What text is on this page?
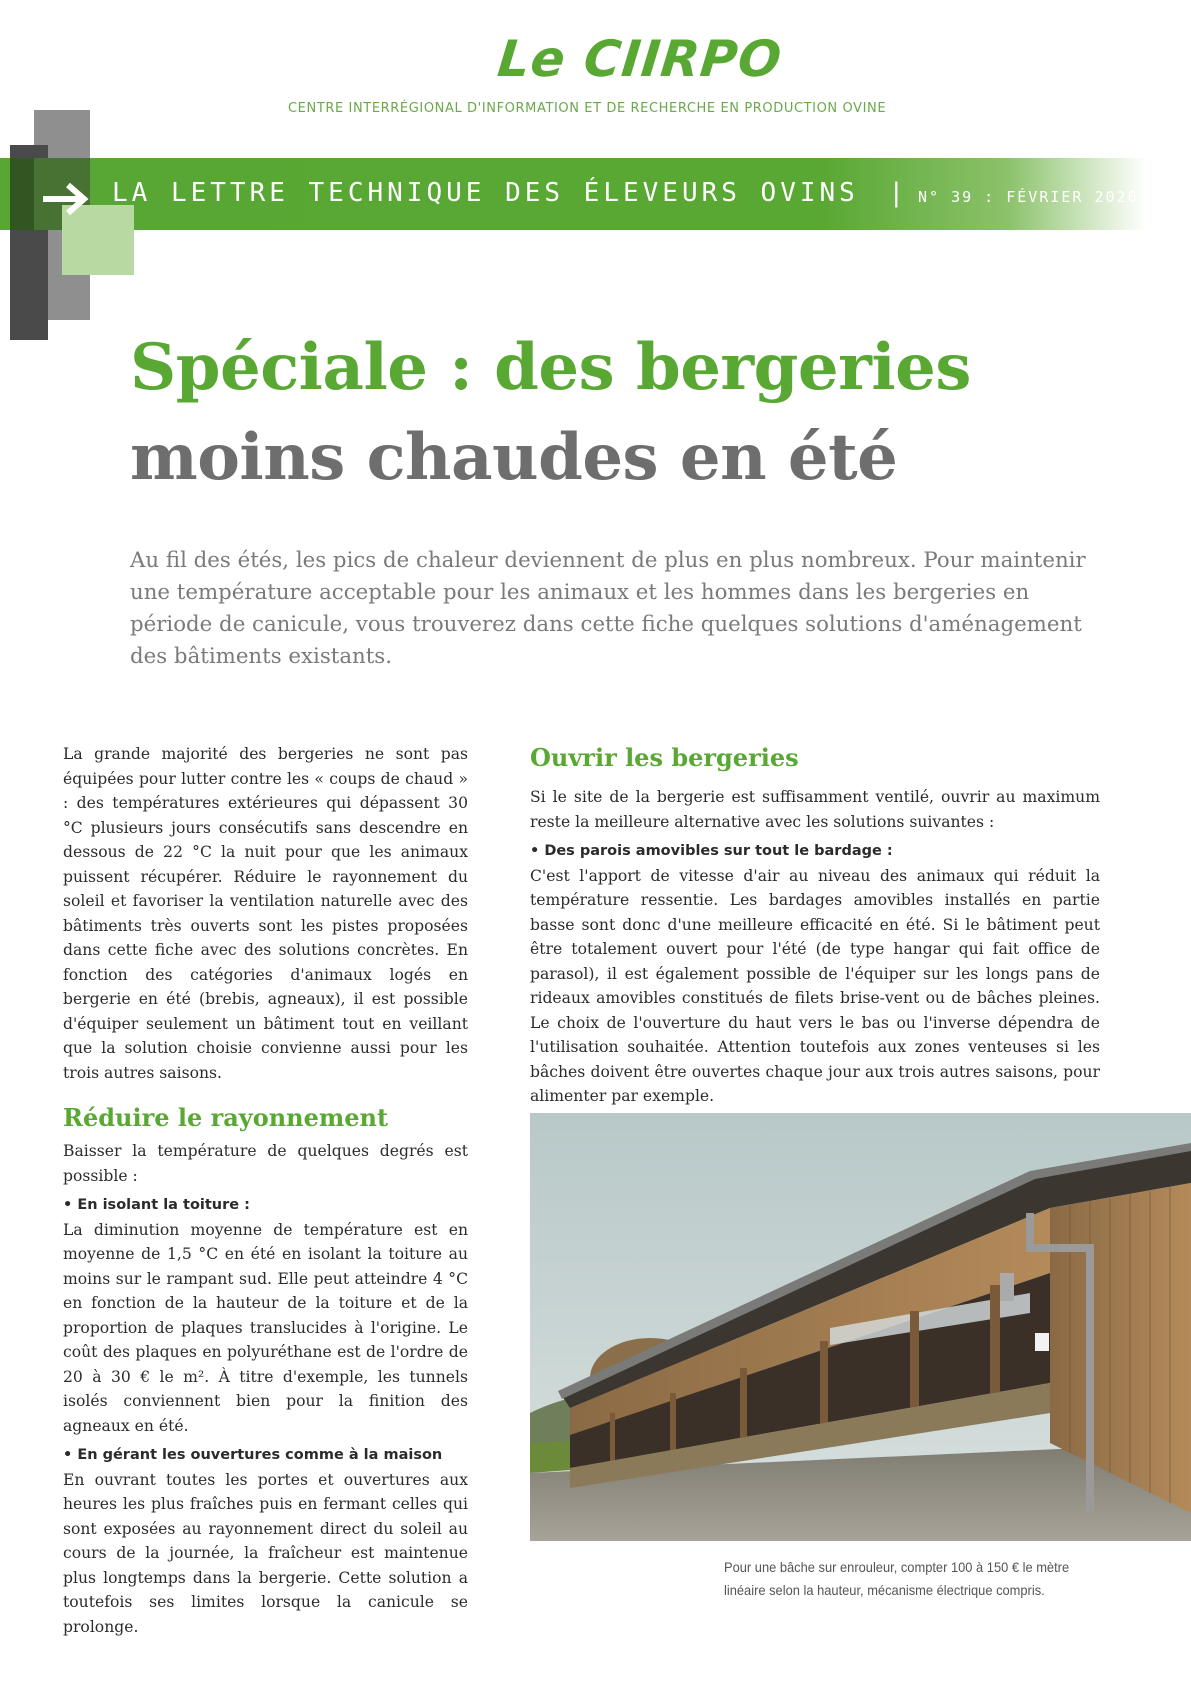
Le CIIRPO
CENTRE INTERRÉGIONAL D'INFORMATION ET DE RECHERCHE EN PRODUCTION OVINE
LA LETTRE TECHNIQUE DES ÉLEVEURS OVINS | N° 39 : FÉVRIER 2020
Spéciale : des bergeries
moins chaudes en été
Au fil des étés, les pics de chaleur deviennent de plus en plus nombreux. Pour maintenir une température acceptable pour les animaux et les hommes dans les bergeries en période de canicule, vous trouverez dans cette fiche quelques solutions d'aménagement des bâtiments existants.

La grande majorité des bergeries ne sont pas équipées pour lutter contre les « coups de chaud » : des températures extérieures qui dépassent 30 °C plusieurs jours consécutifs sans descendre en dessous de 22 °C la nuit pour que les animaux puissent récupérer. Réduire le rayonnement du soleil et favoriser la ventilation naturelle avec des bâtiments très ouverts sont les pistes proposées dans cette fiche avec des solutions concrètes. En fonction des catégories d'animaux logés en bergerie en été (brebis, agneaux), il est possible d'équiper seulement un bâtiment tout en veillant que la solution choisie convienne aussi pour les trois autres saisons.

Réduire le rayonnement

Baisser la température de quelques degrés est possible :

• En isolant la toiture :

La diminution moyenne de température est en moyenne de 1,5 °C en été en isolant la toiture au moins sur le rampant sud. Elle peut atteindre 4 °C en fonction de la hauteur de la toiture et de la proportion de plaques translucides à l'origine. Le coût des plaques en polyuréthane est de l'ordre de 20 à 30 € le m². À titre d'exemple, les tunnels isolés conviennent bien pour la finition des agneaux en été.

• En gérant les ouvertures comme à la maison

En ouvrant toutes les portes et ouvertures aux heures les plus fraîches puis en fermant celles qui sont exposées au rayonnement direct du soleil au cours de la journée, la fraîcheur est maintenue plus longtemps dans la bergerie. Cette solution a toutefois ses limites lorsque la canicule se prolonge.

Ouvrir les bergeries

Si le site de la bergerie est suffisamment ventilé, ouvrir au maximum reste la meilleure alternative avec les solutions suivantes :

• Des parois amovibles sur tout le bardage :

C'est l'apport de vitesse d'air au niveau des animaux qui réduit la température ressentie. Les bardages amovibles installés en partie basse sont donc d'une meilleure efficacité en été. Si le bâtiment peut être totalement ouvert pour l'été (de type hangar qui fait office de parasol), il est également possible de l'équiper sur les longs pans de rideaux amovibles constitués de filets brise-vent ou de bâches pleines. Le choix de l'ouverture du haut vers le bas ou l'inverse dépendra de l'utilisation souhaitée. Attention toutefois aux zones venteuses si les bâches doivent être ouvertes chaque jour aux trois autres saisons, pour alimenter par exemple.

Pour une bâche sur enrouleur, compter 100 à 150 € le mètre linéaire selon la hauteur, mécanisme électrique compris.
